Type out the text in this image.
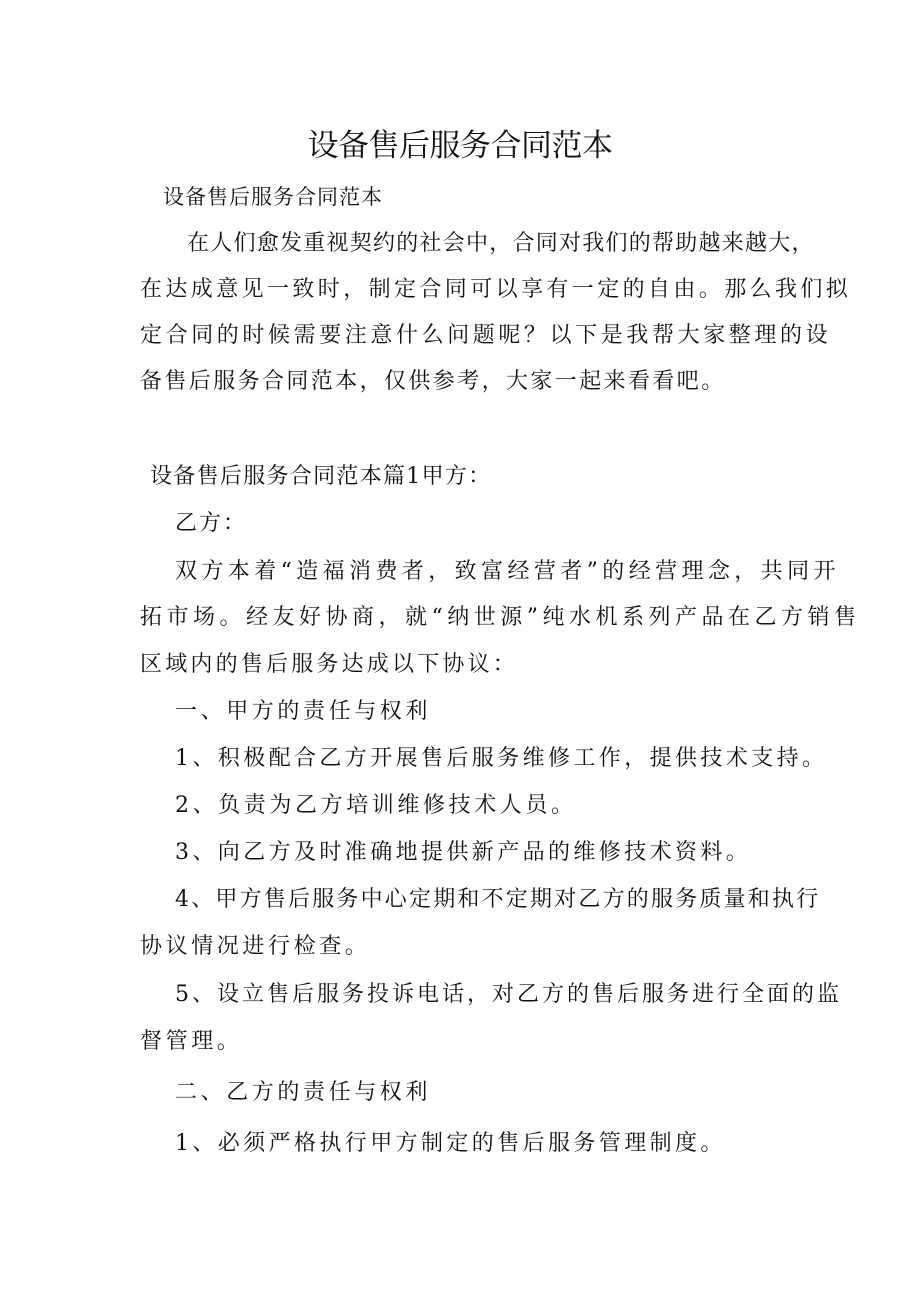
设备售后服务合同范本
设备售后服务合同范本
在人们愈发重视契约的社会中，合同对我们的帮助越来越大，
在达成意见一致时，制定合同可以享有一定的自由。那么我们拟
定合同的时候需要注意什么问题呢？以下是我帮大家整理的设
备售后服务合同范本，仅供参考，大家一起来看看吧。
设备售后服务合同范本篇1甲方：
乙方：
双方本着“造福消费者，致富经营者”的经营理念，共同开
拓市场。经友好协商，就“纳世源”纯水机系列产品在乙方销售
区域内的售后服务达成以下协议：
一、甲方的责任与权利
1、积极配合乙方开展售后服务维修工作，提供技术支持。
2、负责为乙方培训维修技术人员。
3、向乙方及时准确地提供新产品的维修技术资料。
4、甲方售后服务中心定期和不定期对乙方的服务质量和执行
协议情况进行检查。
5、设立售后服务投诉电话，对乙方的售后服务进行全面的监
督管理。
二、乙方的责任与权利
1、必须严格执行甲方制定的售后服务管理制度。
